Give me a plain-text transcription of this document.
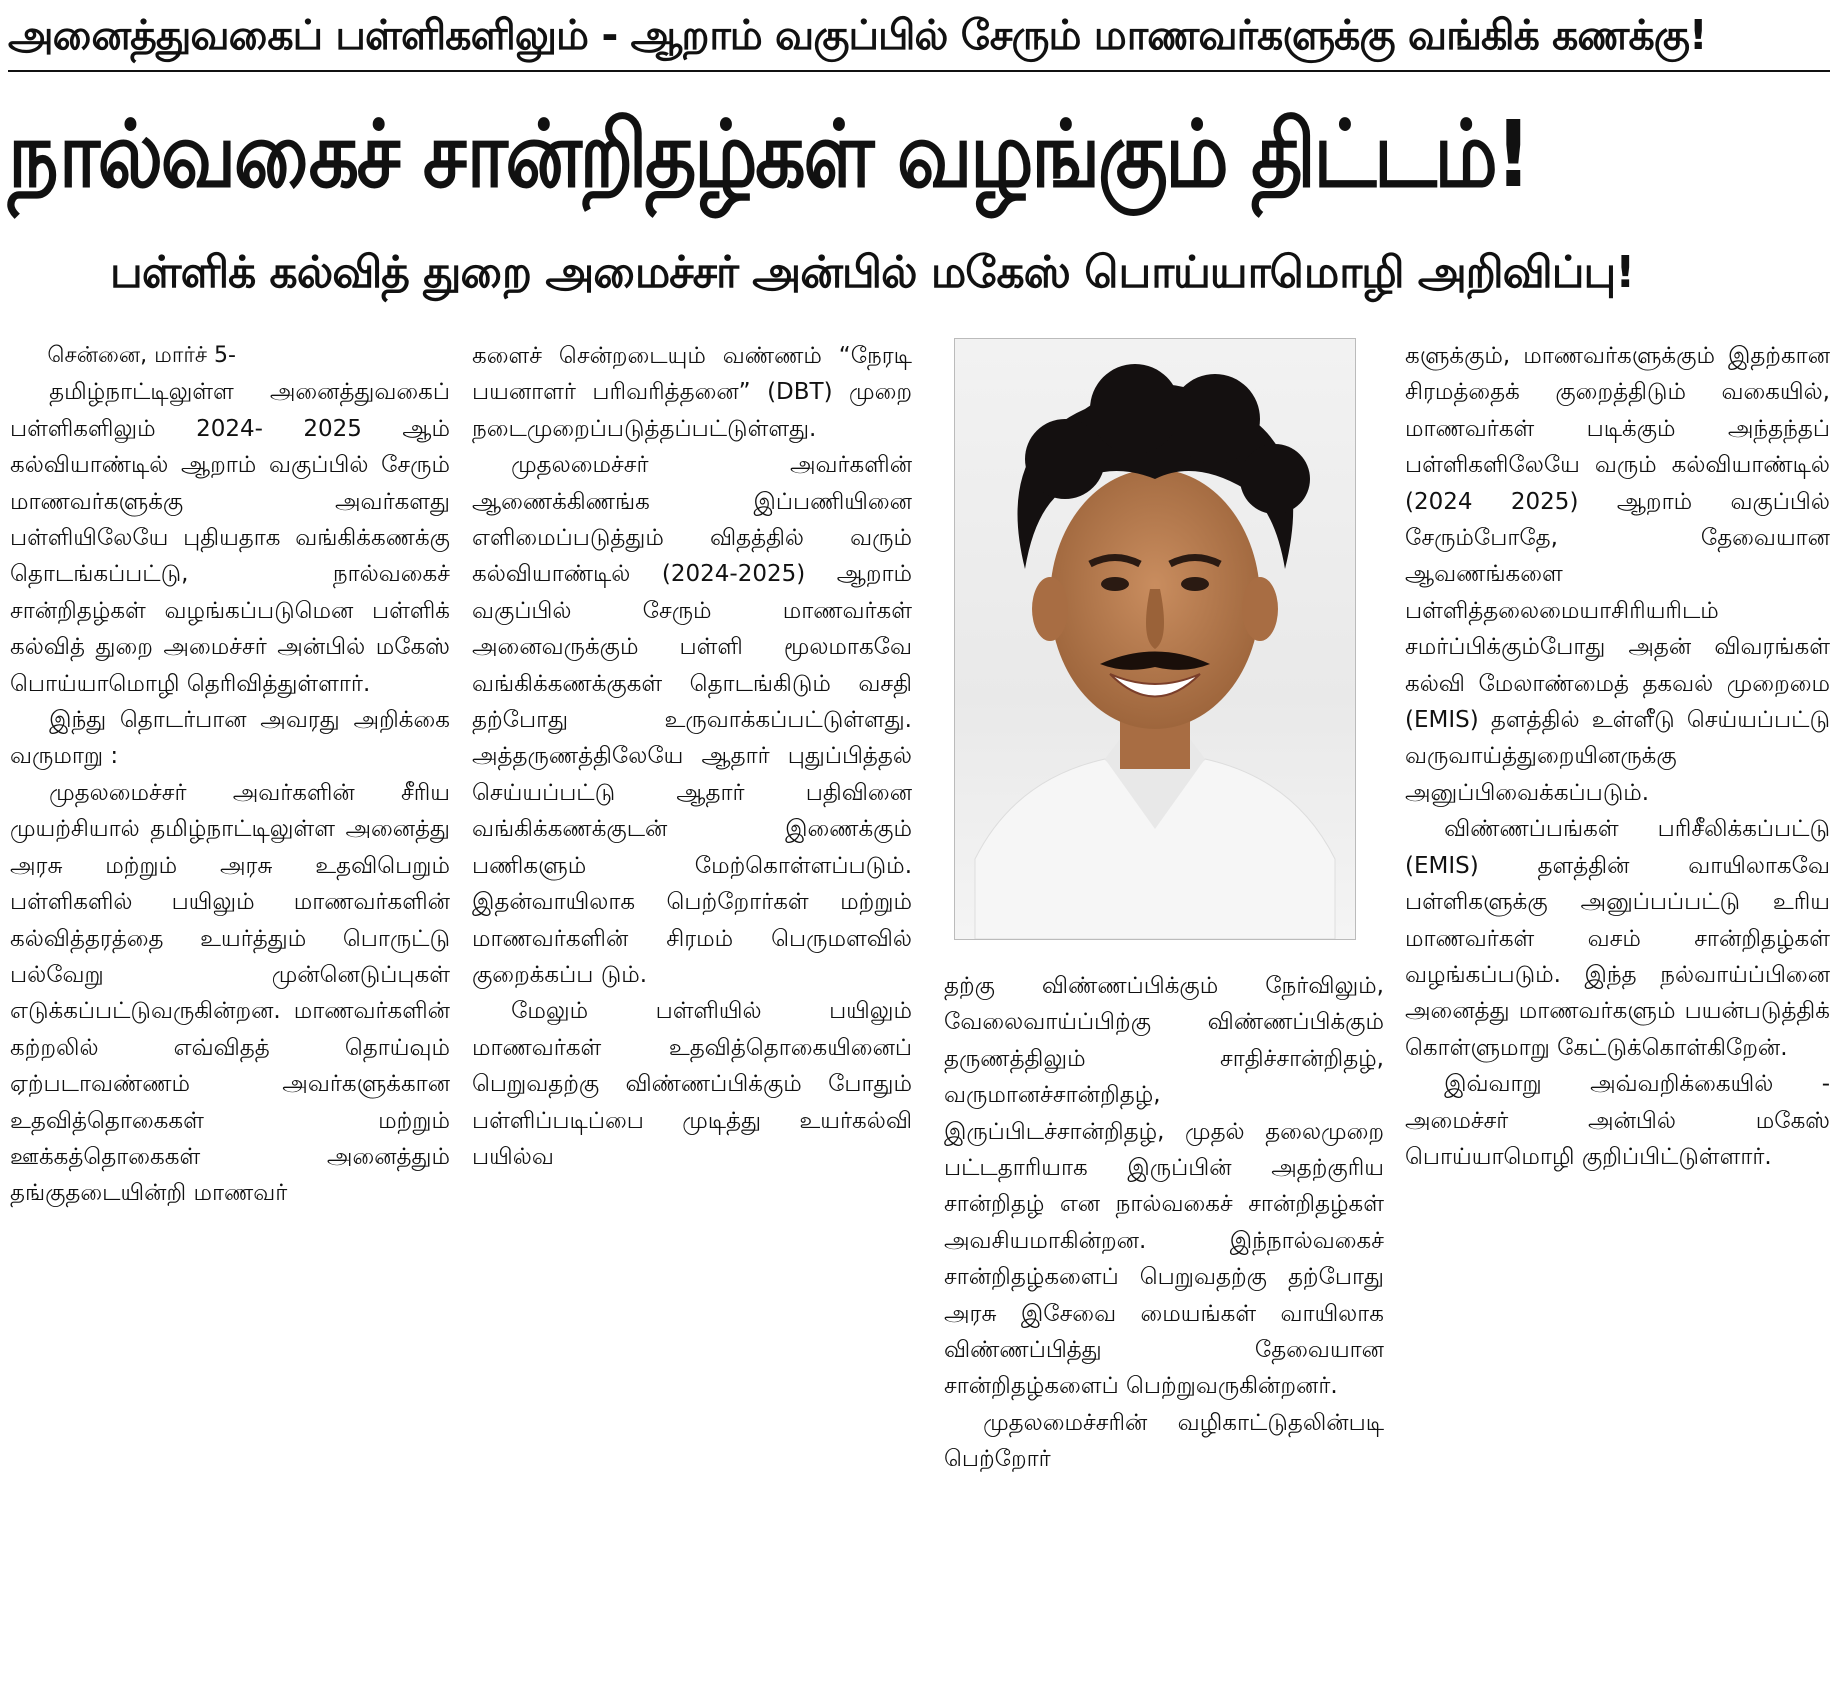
அனைத்துவகைப் பள்ளிகளிலும் - ஆறாம் வகுப்பில் சேரும் மாணவர்களுக்கு வங்கிக் கணக்கு!
நால்வகைச் சான்றிதழ்கள் வழங்கும் திட்டம்!
பள்ளிக் கல்வித் துறை அமைச்சர் அன்பில் மகேஸ் பொய்யாமொழி அறிவிப்பு!

சென்னை, மார்ச் 5-

தமிழ்நாட்டிலுள்ள அனைத்துவகைப் பள்ளிகளிலும் 2024- 2025 ஆம் கல்வியாண்டில் ஆறாம் வகுப்பில் சேரும் மாணவர்களுக்கு அவர்களது பள்ளியிலேயே புதியதாக வங்கிக்கணக்கு தொடங்கப்பட்டு, நால்வகைச் சான்றிதழ்கள் வழங்கப்படுமென பள்ளிக் கல்வித் துறை அமைச்சர் அன்பில் மகேஸ் பொய்யாமொழி தெரிவித்துள்ளார்.

இந்து தொடர்பான அவரது அறிக்கை வருமாறு :

முதலமைச்சர் அவர்களின் சீரிய முயற்சியால் தமிழ்நாட்டிலுள்ள அனைத்து அரசு மற்றும் அரசு உதவிபெறும் பள்ளிகளில் பயிலும் மாணவர்களின் கல்வித்தரத்தை உயர்த்தும் பொருட்டு பல்வேறு முன்னெடுப்புகள் எடுக்கப்பட்டுவருகின்றன. மாணவர்களின் கற்றலில் எவ்விதத் தொய்வும் ஏற்படாவண்ணம் அவர்களுக்கான உதவித்தொகைகள் மற்றும் ஊக்கத்தொகைகள் அனைத்தும் தங்குதடையின்றி மாணவர்

களைச் சென்றடையும் வண்ணம் “நேரடி பயனாளர் பரிவரித்தனை” (DBT) முறை நடைமுறைப்படுத்தப்பட்டுள்ளது.

முதலமைச்சர் அவர்களின் ஆணைக்கிணங்க இப்பணியினை எளிமைப்படுத்தும் விதத்தில் வரும் கல்வியாண்டில் (2024-2025) ஆறாம் வகுப்பில் சேரும் மாணவர்கள் அனைவருக்கும் பள்ளி மூலமாகவே வங்கிக்கணக்குகள் தொடங்கிடும் வசதி தற்போது உருவாக்கப்பட்டுள்ளது. அத்தருணத்திலேயே ஆதார் புதுப்பித்தல் செய்யப்பட்டு ஆதார் பதிவினை வங்கிக்கணக்குடன் இணைக்கும் பணிகளும் மேற்கொள்ளப்படும். இதன்வாயிலாக பெற்றோர்கள் மற்றும் மாணவர்களின் சிரமம் பெருமளவில் குறைக்கப்ப டும்.

மேலும் பள்ளியில் பயிலும் மாணவர்கள் உதவித்தொகையினைப் பெறுவதற்கு விண்ணப்பிக்கும் போதும் பள்ளிப்படிப்பை முடித்து உயர்கல்வி பயில்வ

தற்கு விண்ணப்பிக்கும் நேர்விலும், வேலைவாய்ப்பிற்கு விண்ணப்பிக்கும் தருணத்திலும் சாதிச்சான்றிதழ், வருமானச்சான்றிதழ், இருப்பிடச்சான்றிதழ், முதல் தலைமுறை பட்டதாரியாக இருப்பின் அதற்குரிய சான்றிதழ் என நால்வகைச் சான்றிதழ்கள் அவசியமாகின்றன. இந்நால்வகைச் சான்றிதழ்களைப் பெறுவதற்கு தற்போது அரசு இசேவை மையங்கள் வாயிலாக விண்ணப்பித்து தேவையான சான்றிதழ்களைப் பெற்றுவருகின்றனர்.

முதலமைச்சரின் வழிகாட்டுதலின்படி பெற்றோர்

களுக்கும், மாணவர்களுக்கும் இதற்கான சிரமத்தைக் குறைத்திடும் வகையில், மாணவர்கள் படிக்கும் அந்தந்தப் பள்ளிகளிலேயே வரும் கல்வியாண்டில் (2024 2025) ஆறாம் வகுப்பில் சேரும்போதே, தேவையான ஆவணங்களை பள்ளித்தலைமையாசிரியரிடம் சமர்ப்பிக்கும்போது அதன் விவரங்கள் கல்வி மேலாண்மைத் தகவல் முறைமை (EMIS) தளத்தில் உள்ளீடு செய்யப்பட்டு வருவாய்த்துறையினருக்கு அனுப்பிவைக்கப்படும்.

விண்ணப்பங்கள் பரிசீலிக்கப்பட்டு (EMIS) தளத்தின் வாயிலாகவே பள்ளிகளுக்கு அனுப்பப்பட்டு உரிய மாணவர்கள் வசம் சான்றிதழ்கள் வழங்கப்படும். இந்த நல்வாய்ப்பினை அனைத்து மாணவர்களும் பயன்படுத்திக் கொள்ளுமாறு கேட்டுக்கொள்கிறேன்.

இவ்வாறு அவ்வறிக்கையில் - அமைச்சர் அன்பில் மகேஸ் பொய்யாமொழி குறிப்பிட்டுள்ளார்.
